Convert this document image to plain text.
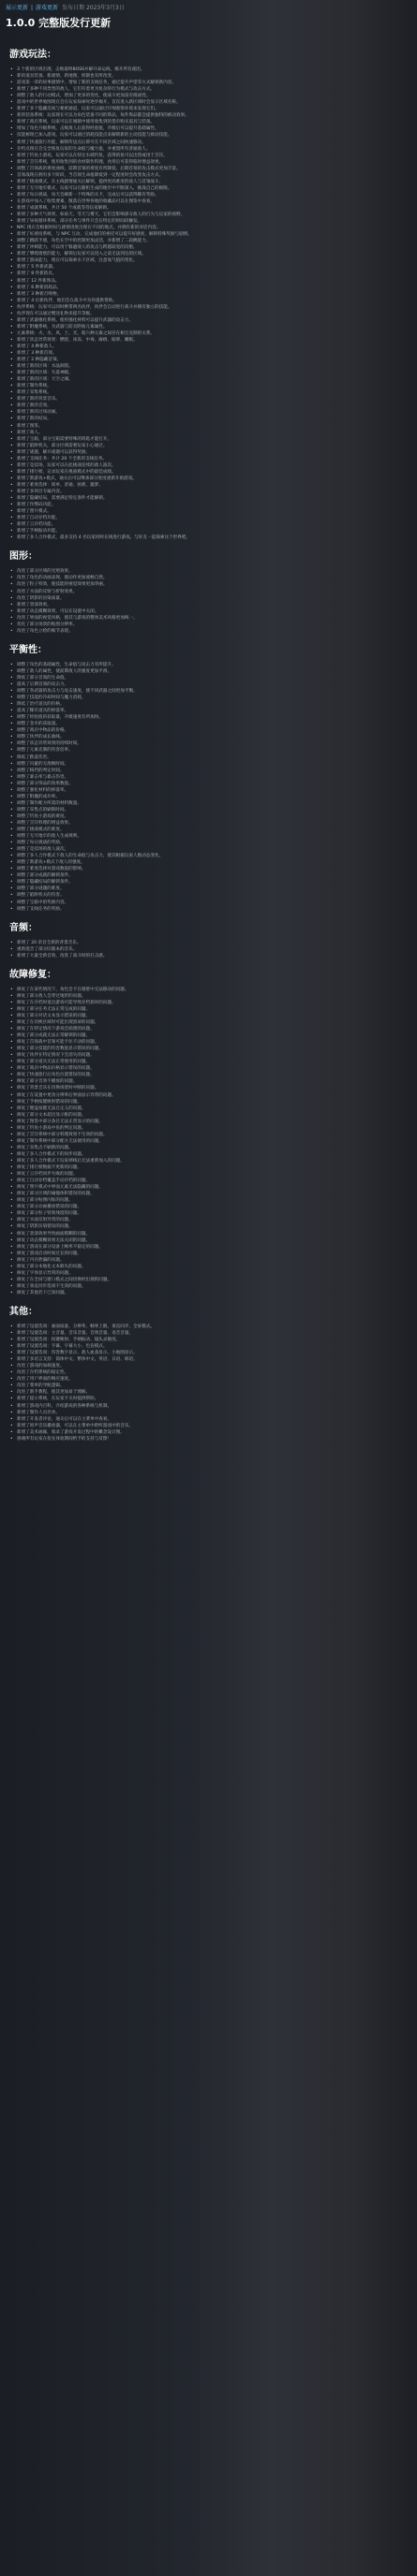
展示更新 | 游戏更新 发布日期 2023年3月3日
1.0.0 完整版发行更新
游戏玩法：
• 3 个新的区域出现，击败最终BOSS并解开命运线，揭开所有谜团。
• 新的道具装备。新剧情、新地图，机制也有所改变。
• 游戏第一章的故事剧情中，增加了新的支线任务，通过提升声望等方式解锁新内容。
• 新增了多种不同类型的敌人，它们有着更为复杂的行为模式与攻击方式。
• 调整了敌人的行动模式，增加了更多的变化，使战斗更加富有挑战性。
• 游戏中的世界地图现在会在玩家探索时逐步揭开，首次进入新区域时会显示区域名称。
• 新增了多个隐藏房间与秘密通道，玩家可以通过仔细观察环境来发现它们。
• 新的装备系统：玩家现在可以为角色装备不同的饰品，每件饰品都会提供独特的被动效果。
• 新增了商店系统，玩家可以在城镇中使用收集到的货币购买道具与装备。
• 增加了角色升级系统，击败敌人后获得经验值，升级后可以提升基础属性。
• 技能树现已加入游戏，玩家可以通过消耗技能点来解锁新的主动技能与被动技能。
• 新增了快速旅行功能，解锁传送点后即可在不同区域之间快速移动。
• 存档点现在会完全恢复玩家的生命值与魔力值，并重置所有普通敌人。
• 新增了钓鱼小游戏，玩家可以在特定水域钓鱼，获得的鱼可以出售或用于烹饪。
• 新增了烹饪系统，使用收集到的食材制作料理，食用后可获得临时增益效果。
• 调整了首领战的难度曲线，前期首领的难度有所降低，后期首领的攻击模式更加丰富。
• 首领战现在拥有多个阶段，当首领生命值降低到一定程度时会改变攻击方式。
• 新增了挑战模式，在主线剧情通关后解锁，提供更高难度的敌人与首领战斗。
• 新增了无尽地牢模式，玩家可以在随机生成的地牢中不断深入，挑战自己的极限。
• 新增了每日挑战，每天会刷新一个特殊的关卡，完成后可以获得稀有奖励。
• 在游戏中加入了收集要素，散落在世界各地的收藏品可以在图鉴中查看。
• 新增了成就系统，共计 50 个成就等待玩家解锁。
• 新增了多种天气效果，如雨天、雪天与雾天，它们会影响部分敌人的行为与玩家的视野。
• 新增了昼夜循环系统，部分任务与事件只会在特定的时间段触发。
• NPC 现在会根据时间与剧情进度出现在不同的地点，并拥有新的对话内容。
• 新增了好感度系统，与 NPC 互动、完成他们的委托可以提升好感度，解锁特殊奖励与剧情。
• 调整了跳跃手感，角色在空中的控制更加灵活，并新增了二段跳能力。
• 新增了冲刺能力，可以用于躲避敌人的攻击与跨越较宽的沟壑。
• 新增了攀爬墙壁的能力，解锁后玩家可以进入之前无法到达的区域。
• 新增了游泳能力，现在可以探索水下区域，注意氧气值的变化。
• 新增了 5 件新武器。
• 新增了 8 件新防具。
• 新增了 12 件新饰品。
• 新增了 6 种新消耗品。
• 新增了 3 种新召唤物。
• 新增了 4 位新伙伴，他们会在战斗中为你提供帮助。
• 伙伴系统：玩家可以同时携带两名伙伴，伙伴会自动进行战斗并拥有独立的技能。
• 伙伴现在可以通过赠送礼物来提升等级。
• 新增了武器强化系统，使用强化材料可以提升武器的攻击力。
• 新增了附魔系统，为武器与防具附加元素属性。
• 元素系统：火、水、风、土、光、暗六种元素之间存在相互克制的关系。
• 新增了状态异常效果：燃烧、冰冻、中毒、麻痹、眩晕、睡眠。
• 新增了 4 种新敌人。
• 新增了 3 种新首领。
• 新增了 2 种隐藏首领。
• 新增了新的区域：水晶洞窟。
• 新增了新的区域：失落神殿。
• 新增了新的区域：天空之城。
• 新增了制作系统。
• 新增了采集系统。
• 新增了新的背景音乐。
• 新增了新的音效。
• 新增了新的过场动画。
• 新增了新的结局。
• 新增了图鉴。
• 新增了商人。
• 新增了宝箱，部分宝箱需要特殊的钥匙才能打开。
• 新增了陷阱机关，部分区域需要玩家小心通过。
• 新增了谜题，解开谜题可以获得奖励。
• 新增了支线任务：共计 20 个全新的支线任务。
• 新增了竞技场，玩家可以在此挑战连续的敌人波次。
• 新增了排行榜，记录玩家在挑战模式中的最佳成绩。
• 新增了新游戏+模式，通关后可以继承部分进度重新开始游戏。
• 新增了难度选择：简单、普通、困难、噩梦。
• 新增了多周目专属内容。
• 新增了隐藏结局，需要满足特定条件才能解锁。
• 新增了作弊码功能。
• 新增了照片模式。
• 新增了自动存档功能。
• 新增了云存档功能。
• 新增了手柄振动功能。
• 新增了多人合作模式，最多支持 4 名玩家同时在线进行游戏，与好友一起探索这个世界吧。
图形：
• 改进了部分区域的光照效果。
• 改进了角色的动画表现，使动作更加流畅自然。
• 改进了粒子特效，使技能的视觉效果更加华丽。
• 改进了水面的反射与折射效果。
• 改进了阴影的渲染质量。
• 新增了景深效果。
• 新增了动态模糊效果，可以在设置中关闭。
• 改进了界面的视觉风格，使其与游戏的整体美术风格更加统一。
• 优化了部分场景的贴图分辨率。
• 改进了角色立绘的细节表现。
平衡性：
• 调整了角色的基础属性，生命值与攻击力有所提升。
• 调整了敌人的属性，使前期敌人的强度更加平滑。
• 降低了部分首领的生命值。
• 提高了后期首领的攻击力。
• 调整了各武器的攻击力与攻击速度，使不同武器之间更加平衡。
• 调整了技能的冷却时间与魔力消耗。
• 降低了治疗道具的价格。
• 提高了稀有道具的掉落率。
• 调整了经验值的获取量，升级速度有所加快。
• 调整了金币的获取量。
• 调整了商店中物品的价格。
• 调整了伙伴的成长曲线。
• 调整了状态异常效果的持续时间。
• 调整了元素克制的伤害倍率。
• 降低了跌落伤害。
• 调整了闪避的无敌帧时间。
• 调整了格挡的判定时间。
• 调整了暴击率与暴击伤害。
• 调整了部分饰品的效果数值。
• 调整了强化材料的掉落率。
• 调整了附魔的成功率。
• 调整了制作配方所需的材料数量。
• 调整了采集点的刷新时间。
• 调整了钓鱼小游戏的难度。
• 调整了烹饪料理的增益效果。
• 调整了挑战模式的难度。
• 调整了无尽地牢的敌人生成规则。
• 调整了每日挑战的奖励。
• 调整了竞技场的敌人波次。
• 调整了多人合作模式下敌人的生命值与攻击力，使其根据玩家人数动态变化。
• 调整了新游戏+模式下敌人的强度。
• 调整了难度选择对游戏数值的影响。
• 调整了部分成就的解锁条件。
• 调整了隐藏结局的解锁条件。
• 调整了部分谜题的难度。
• 调整了陷阱机关的伤害。
• 调整了宝箱中的奖励内容。
• 调整了支线任务的奖励。
音频：
• 新增了 20 余首全新的背景音乐。
• 重新混音了部分旧版本的音乐。
• 新增了大量全新音效，改进了战斗时的打击感。
故障修复：
• 修复了在某些情况下，角色会卡在墙壁中无法移动的问题。
• 修复了部分敌人会穿过地形的问题。
• 修复了在存档时退出游戏可能导致存档损坏的问题。
• 修复了部分任务无法正常完成的问题。
• 修复了部分对话文本显示错误的问题。
• 修复了在切换区域时可能出现黑屏的问题。
• 修复了在特定情况下游戏会崩溃的问题。
• 修复了部分成就无法正常解锁的问题。
• 修复了首领战中首领可能卡住不动的问题。
• 修复了部分技能的伤害数值显示错误的问题。
• 修复了伙伴在特定情况下会消失的问题。
• 修复了部分道具无法正常使用的问题。
• 修复了商店中物品价格显示错误的问题。
• 修复了快速旅行后角色位置错误的问题。
• 修复了部分音效不播放的问题。
• 修复了背景音乐在切换场景时中断的问题。
• 修复了在设置中更改分辨率后界面显示异常的问题。
• 修复了手柄按键映射错误的问题。
• 修复了键盘按键无法自定义的问题。
• 修复了部分文本超出显示框的问题。
• 修复了图鉴中部分条目无法正常显示的问题。
• 修复了钓鱼小游戏中鱼的判定问题。
• 修复了烹饪系统中部分料理效果不生效的问题。
• 修复了制作系统中部分配方无法使用的问题。
• 修复了采集点不刷新的问题。
• 修复了多人合作模式下的同步问题。
• 修复了多人合作模式下玩家掉线后无法重新加入的问题。
• 修复了排行榜数据不更新的问题。
• 修复了云存档同步失败的问题。
• 修复了自动存档覆盖手动存档的问题。
• 修复了照片模式中界面元素无法隐藏的问题。
• 修复了部分区域的碰撞体积错误的问题。
• 修复了部分贴图闪烁的问题。
• 修复了部分动画播放错误的问题。
• 修复了部分粒子特效残留的问题。
• 修复了水面反射异常的问题。
• 修复了阴影渲染错误的问题。
• 修复了景深效果导致画面模糊的问题。
• 修复了动态模糊效果无法关闭的问题。
• 修复了游戏在部分设备上帧率不稳定的问题。
• 修复了游戏启动时间过长的问题。
• 修复了内存泄漏的问题。
• 修复了部分本地化文本缺失的问题。
• 修复了字体显示异常的问题。
• 修复了在全屏与窗口模式之间切换时出现的问题。
• 修复了垂直同步选项不生效的问题。
• 修复了其他若干已知问题。
其他：
• 新增了设置选项：画面质量、分辨率、帧率上限、垂直同步、全屏模式。
• 新增了设置选项：主音量、音乐音量、音效音量、语音音量。
• 新增了设置选项：按键映射、手柄振动、镜头灵敏度。
• 新增了设置选项：字幕、字幕大小、色盲模式。
• 新增了设置选项：伤害数字显示、敌人血条显示、小地图显示。
• 新增了多语言支持：简体中文、繁体中文、英语、日语、韩语。
• 改进了游戏的加载速度。
• 改进了存档系统的稳定性。
• 改进了用户界面的响应速度。
• 改进了菜单的导航逻辑。
• 改进了新手教程，使其更加易于理解。
• 新增了提示系统，在玩家卡关时提供帮助。
• 新增了游戏内百科，介绍游戏的各种系统与机制。
• 新增了制作人员名单。
• 新增了开发者评论，通关后可以在主菜单中查看。
• 新增了原声音乐播放器，可以在主菜单中聆听游戏中的音乐。
• 新增了美术画廊，收录了游戏开发过程中的概念设计图。
• 感谢所有玩家在抢先体验期间给予的支持与反馈！
